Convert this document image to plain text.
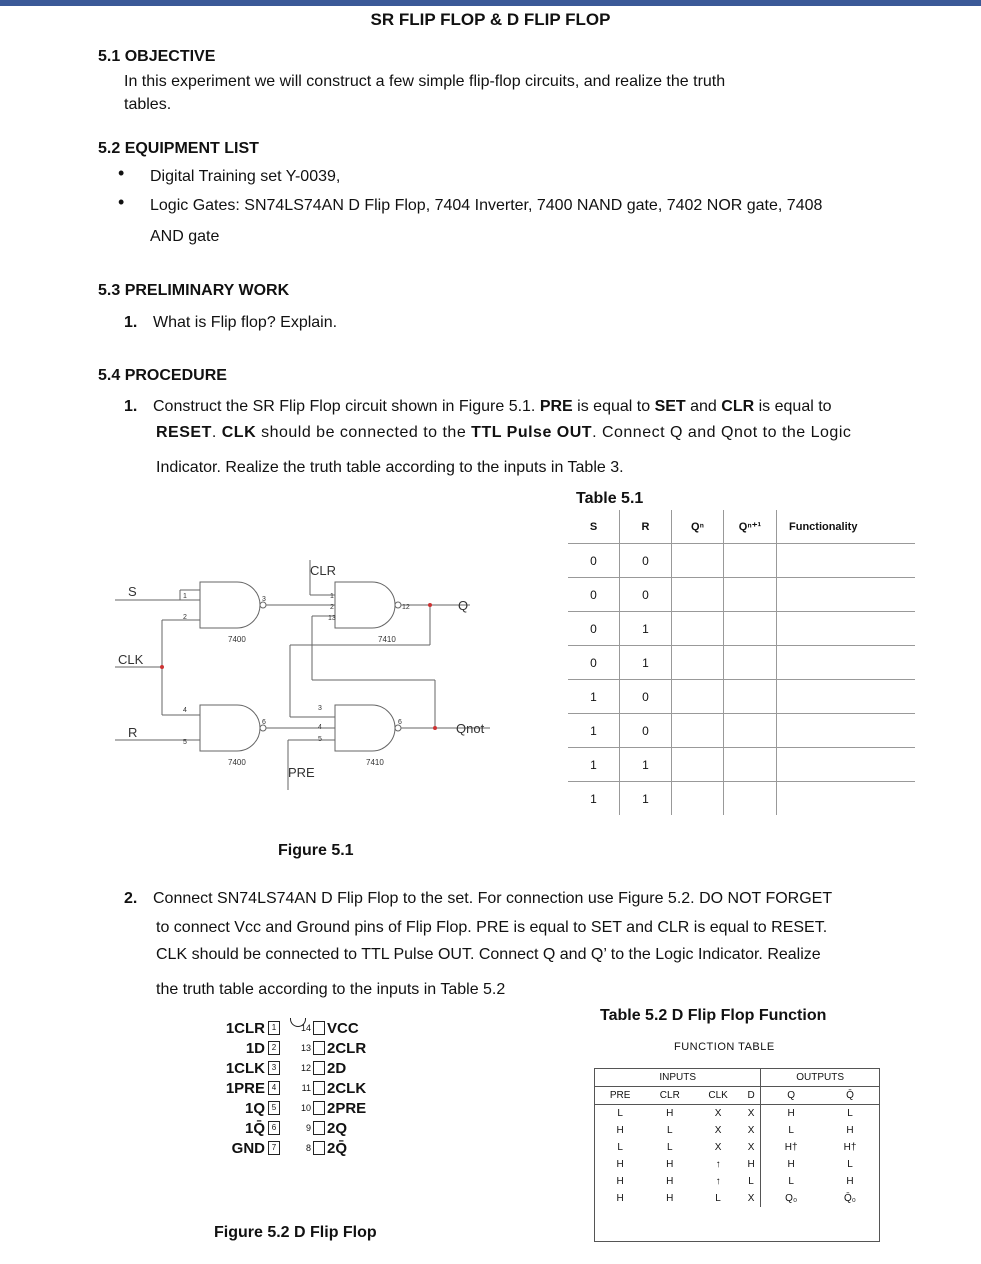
SR FLIP FLOP & D FLIP FLOP
5.1 OBJECTIVE
In this experiment we will construct a few simple flip-flop circuits, and realize the truth
tables.
5.2 EQUIPMENT LIST
• Digital Training set Y-0039,
• Logic Gates: SN74LS74AN D Flip Flop, 7404 Inverter, 7400 NAND gate, 7402 NOR gate, 7408
AND gate
5.3 PRELIMINARY WORK
1. What is Flip flop? Explain.
5.4 PROCEDURE
1. Construct the SR Flip Flop circuit shown in Figure 5.1. PRE is equal to SET and CLR is equal to
RESET. CLK should be connected to the TTL Pulse OUT. Connect Q and Qnot to the Logic
Indicator. Realize the truth table according to the inputs in Table 3.
S
R
CLK
CLR
PRE
Q
Qnot
7400	7410
7400	7410
1
2
3
4
5
6
1
2
13
12
3
4
5
6
Figure 5.1
Table 5.1
S	R	Qⁿ	Qⁿ⁺¹	Functionality
0	0			
0	0			
0	1			
0	1			
1	0			
1	0			
1	1			
1	1			
2. Connect SN74LS74AN D Flip Flop to the set. For connection use Figure 5.2. DO NOT FORGET
to connect Vcc and Ground pins of Flip Flop. PRE is equal to SET and CLR is equal to RESET.
CLK should be connected to TTL Pulse OUT. Connect Q and Q’ to the Logic Indicator. Realize
the truth table according to the inputs in Table 5.2
1CLR 1
1D 2
1CLK 3
1PRE 4
1Q 5
1Q̄ 6
GND 7
14 VCC
13 2CLR
12 2D
11 2CLK
10 2PRE
9 2Q
8 2Q̄
Figure 5.2 D Flip Flop
Table 5.2 D Flip Flop Function
FUNCTION TABLE
INPUTS				OUTPUTS	
PRE	CLR	CLK	D	Q	Q̄
L	H	X	X	H	L
H	L	X	X	L	H
L	L	X	X	H†	H†
H	H	↑	H	H	L
H	H	↑	L	L	H
H	H	L	X	Q₀	Q̄₀
